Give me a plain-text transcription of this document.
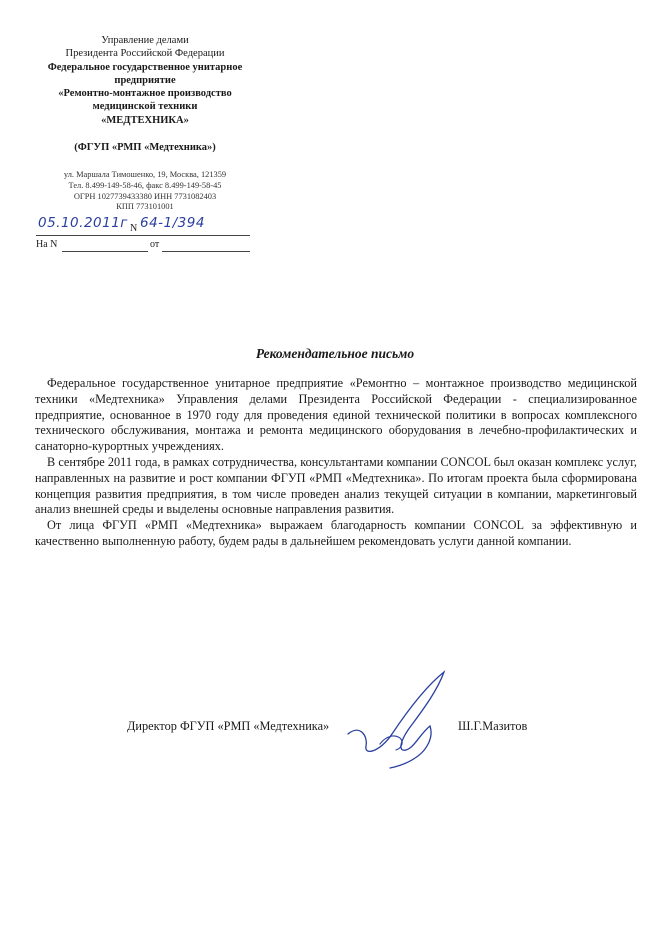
Управление делами
Президента Российской Федерации
Федеральное государственное унитарное
предприятие
«Ремонтно-монтажное производство
медицинской техники
«МЕДТЕХНИКА»
(ФГУП «РМП «Медтехника»)
ул. Маршала Тимошенко, 19, Москва, 121359
Тел. 8.499-149-58-46, факс 8.499-149-58-45
ОГРН 1027739433380 ИНН 7731082403
КПП 773101001
05.10.2011г N 64-1/394
На N	от
Рекомендательное письмо

Федеральное государственное унитарное предприятие «Ремонтно – монтажное производство медицинской техники «Медтехника» Управления делами Президента Российской Федерации - специализированное предприятие, основанное в 1970 году для проведения единой технической политики в вопросах комплексного технического обслуживания, монтажа и ремонта медицинского оборудования в лечебно-профилактических и санаторно-курортных учреждениях.

В сентябре 2011 года, в рамках сотрудничества, консультантами компании CONCOL был оказан комплекс услуг, направленных на развитие и рост компании ФГУП «РМП «Медтехника». По итогам проекта была сформирована концепция развития предприятия, в том числе проведен анализ текущей ситуации в компании, маркетинговый анализ внешней среды и выделены основные направления развития.

От лица ФГУП «РМП «Медтехника» выражаем благодарность компании CONCOL за эффективную и качественно выполненную работу, будем рады в дальнейшем рекомендовать услуги данной компании.

Директор ФГУП «РМП «Медтехника»	Ш.Г.Мазитов
